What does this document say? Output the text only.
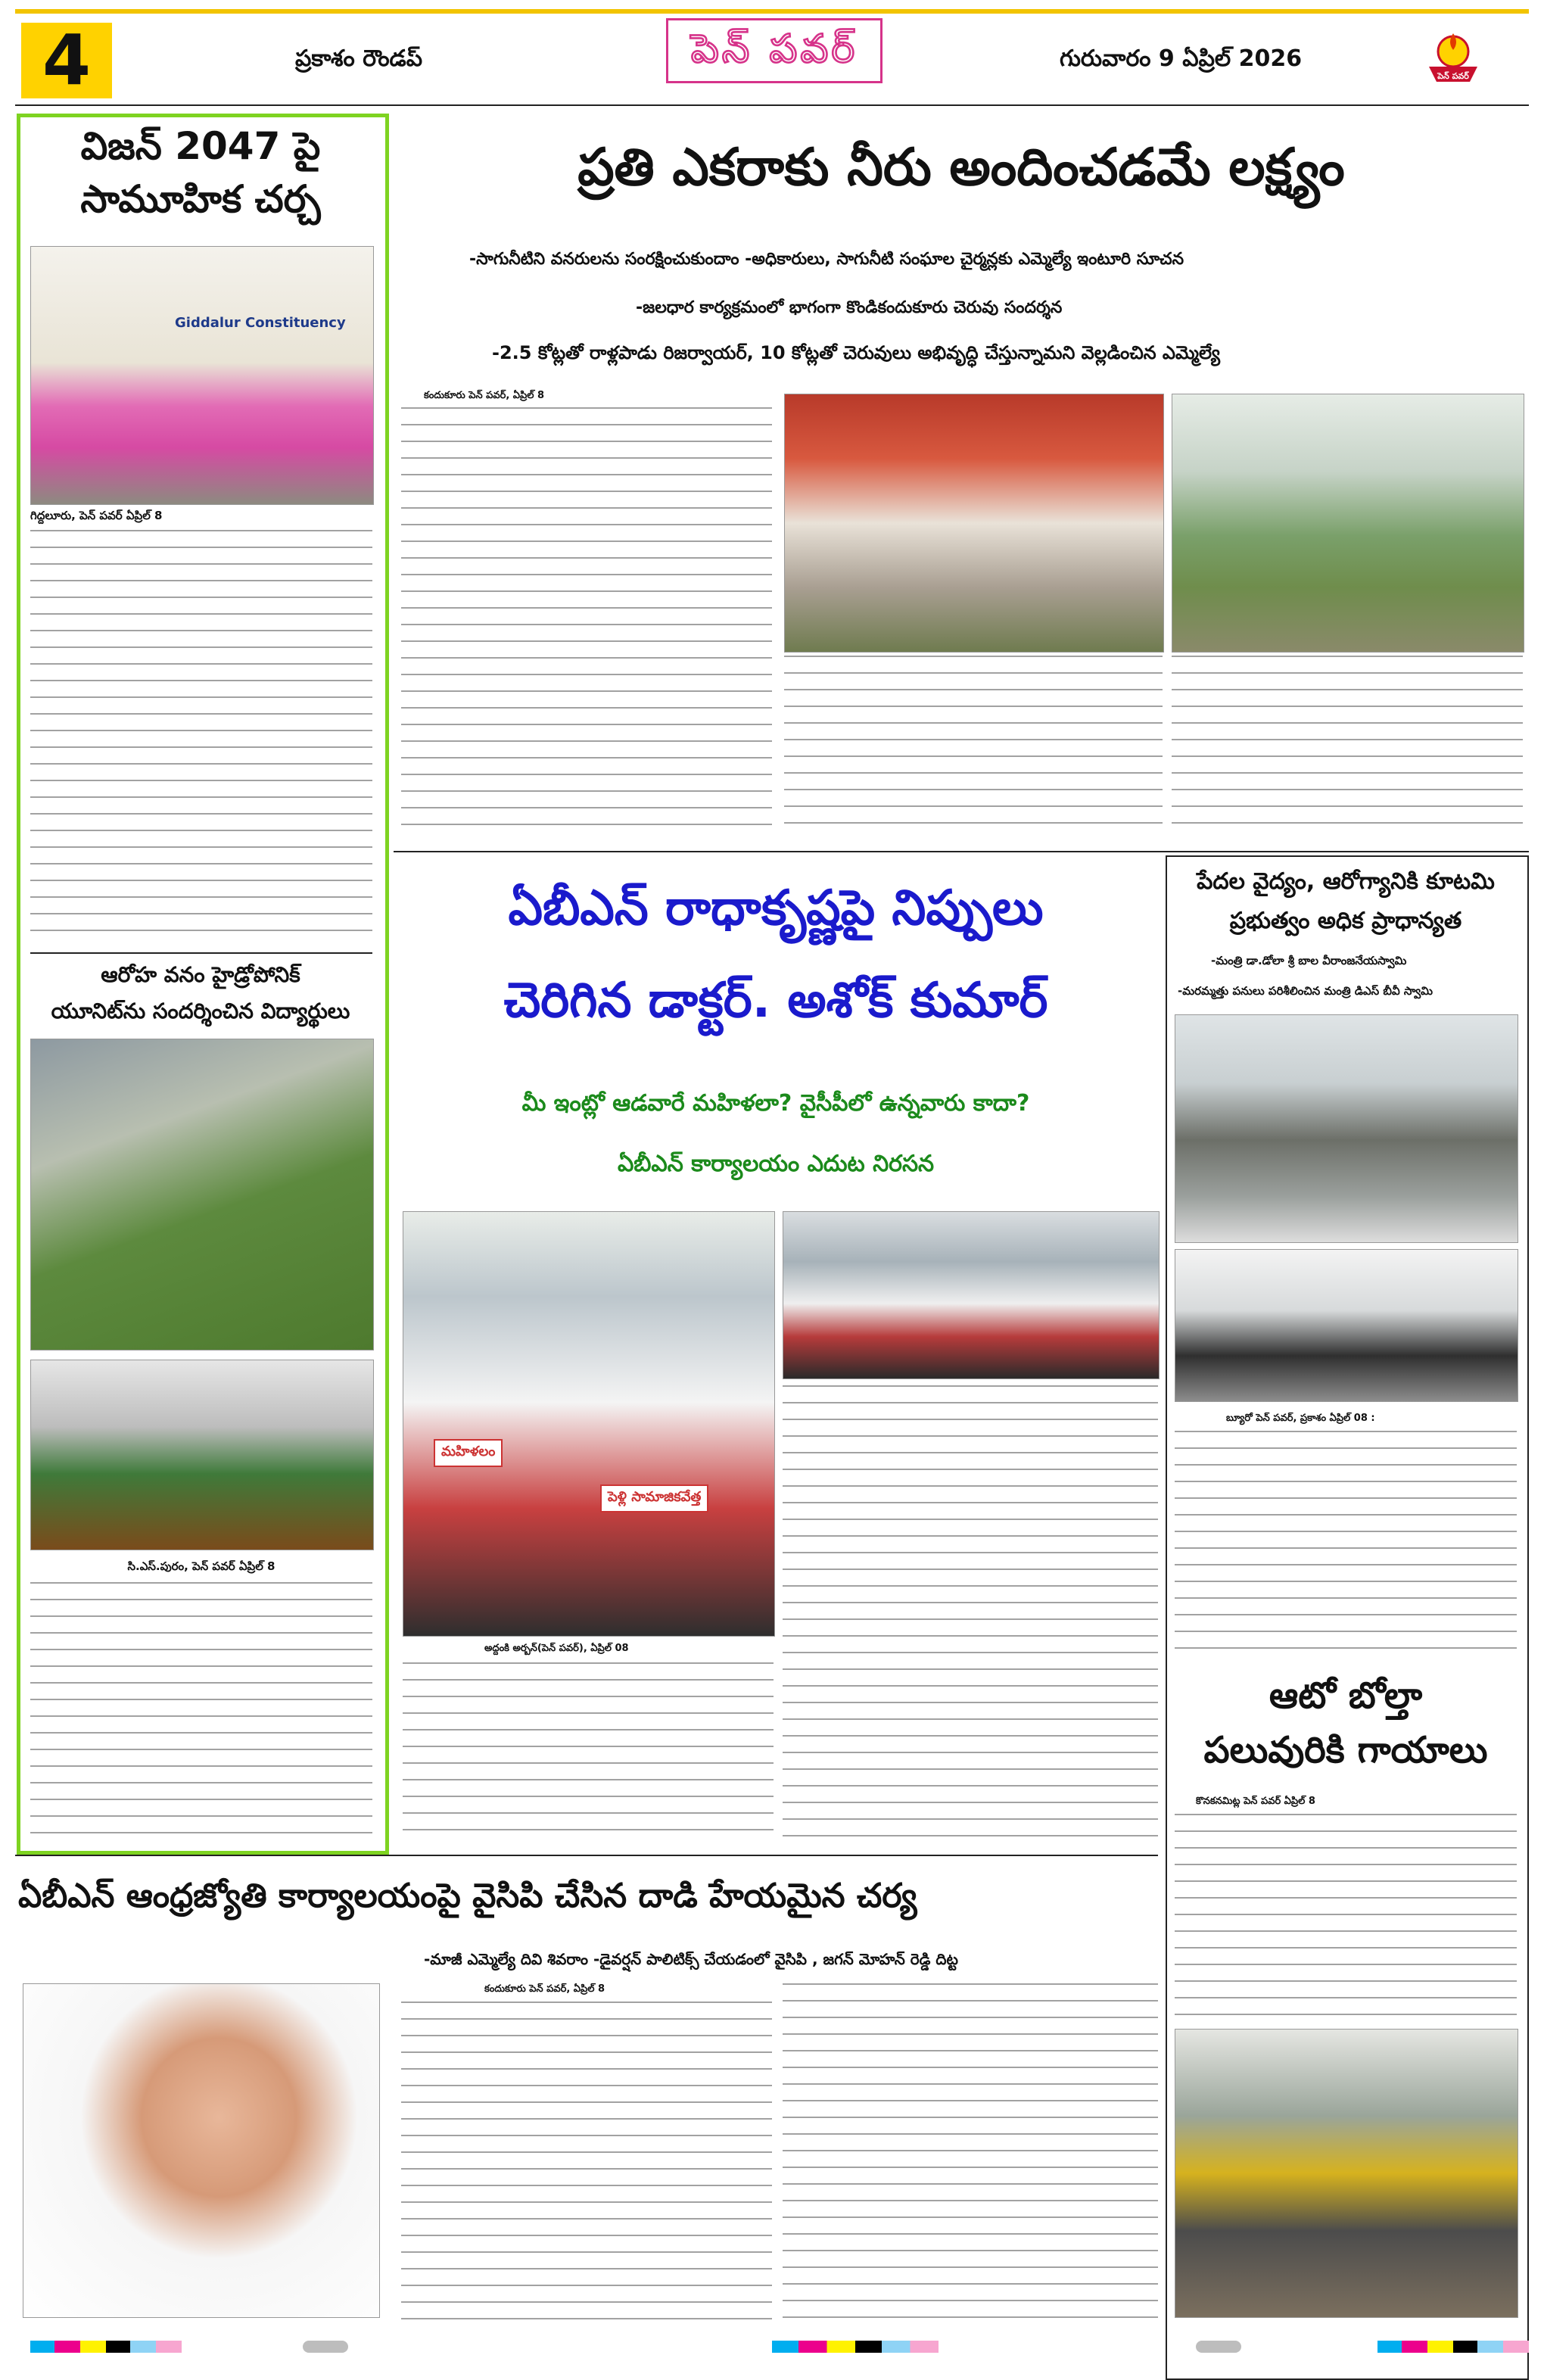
4	ప్రకాశం రౌండప్	పెన్ పవర్	గురువారం 9 ఏప్రిల్ 2026
పెన్ పవర్
విజన్ 2047 పై
సామూహిక చర్చ
Giddalur Constituency
గిద్దలూరు, పెన్ పవర్ ఏప్రిల్ 8
ఆరోహ వనం హైడ్రోపోనిక్
యూనిట్‌ను సందర్శించిన విద్యార్థులు
సి.ఎస్.పురం, పెన్ పవర్ ఏప్రిల్ 8
ప్రతి ఎకరాకు నీరు అందించడమే లక్ష్యం
-సాగునీటిని వనరులను సంరక్షించుకుందాం -అధికారులు, సాగునీటి సంఘాల చైర్మన్లకు ఎమ్మెల్యే ఇంటూరి సూచన
-జలధార కార్యక్రమంలో భాగంగా కొండికందుకూరు చెరువు సందర్శన
-2.5 కోట్లతో రాళ్లపాడు రిజర్వాయర్, 10 కోట్లతో చెరువులు అభివృద్ధి చేస్తున్నామని వెల్లడించిన ఎమ్మెల్యే
కందుకూరు పెన్ పవర్, ఏప్రిల్ 8
ఏబీఎన్ రాధాకృష్ణపై నిప్పులు
చెరిగిన డాక్టర్. అశోక్ కుమార్
మీ ఇంట్లో ఆడవారే మహిళలా? వైసీపీలో ఉన్నవారు కాదా?
ఏబీఎన్ కార్యాలయం ఎదుట నిరసన
మహిళలం
పెళ్లి సామాజికవేత్త
అద్దంకి అర్బన్(పెన్ పవర్), ఏప్రిల్ 08
పేదల వైద్యం, ఆరోగ్యానికి కూటమి
ప్రభుత్వం అధిక ప్రాధాన్యత
-మంత్రి డా.డోలా శ్రీ బాల వీరాంజనేయస్వామి
-మరమ్మత్తు పనులు పరిశీలించిన మంత్రి డిఎస్ బీవీ స్వామి
బ్యూరో పెన్ పవర్, ప్రకాశం ఏప్రిల్ 08 :
ఆటో బోల్తా
పలువురికి గాయాలు
కొనకనమిట్ల పెన్ పవర్ ఏప్రిల్ 8
ఏబీఎన్ ఆంధ్రజ్యోతి కార్యాలయంపై వైసిపి చేసిన దాడి హేయమైన చర్య
-మాజీ ఎమ్మెల్యే దివి శివరాం -డైవర్షన్ పాలిటిక్స్ చేయడంలో వైసిపి , జగన్ మోహన్ రెడ్డి దిట్ట
కందుకూరు పెన్ పవర్, ఏప్రిల్ 8
